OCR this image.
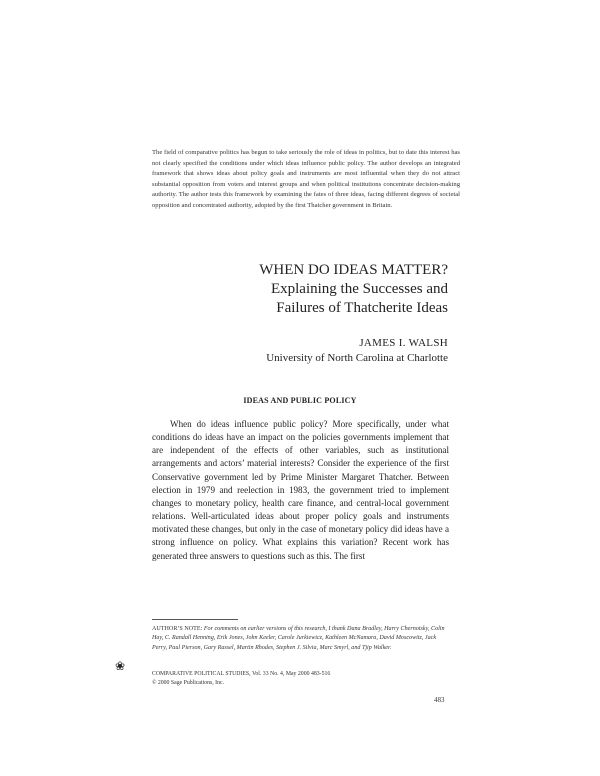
The field of comparative politics has begun to take seriously the role of ideas in politics, but to date this interest has not clearly specified the conditions under which ideas influence public policy. The author develops an integrated framework that shows ideas about policy goals and instruments are most influential when they do not attract substantial opposition from voters and interest groups and when political institutions concentrate decision-making authority. The author tests this framework by examining the fates of three ideas, facing different degrees of societal opposition and concentrated authority, adopted by the first Thatcher government in Britain.
WHEN DO IDEAS MATTER?
Explaining the Successes and
Failures of Thatcherite Ideas
JAMES I. WALSH
University of North Carolina at Charlotte
IDEAS AND PUBLIC POLICY
When do ideas influence public policy? More specifically, under what conditions do ideas have an impact on the policies governments implement that are independent of the effects of other variables, such as institutional arrangements and actors’ material interests? Consider the experience of the first Conservative government led by Prime Minister Margaret Thatcher. Between election in 1979 and reelection in 1983, the government tried to implement changes to monetary policy, health care finance, and central-local government relations. Well-articulated ideas about proper policy goals and instruments motivated these changes, but only in the case of monetary policy did ideas have a strong influence on policy. What explains this variation? Recent work has generated three answers to questions such as this. The first
AUTHOR’S NOTE: For comments on earlier versions of this research, I thank Dana Bradley, Harry Chernotsky, Colin Hay, C. Randall Henning, Erik Jones, John Keeler, Carole Jurkiewicz, Kathleen McNamara, David Moscowitz, Jack Perry, Paul Pierson, Gary Rassel, Martin Rhodes, Stephen J. Silvia, Marc Smyrl, and Tjip Walker.
❀
COMPARATIVE POLITICAL STUDIES, Vol. 33 No. 4, May 2000 483-516
© 2000 Sage Publications, Inc.
483
